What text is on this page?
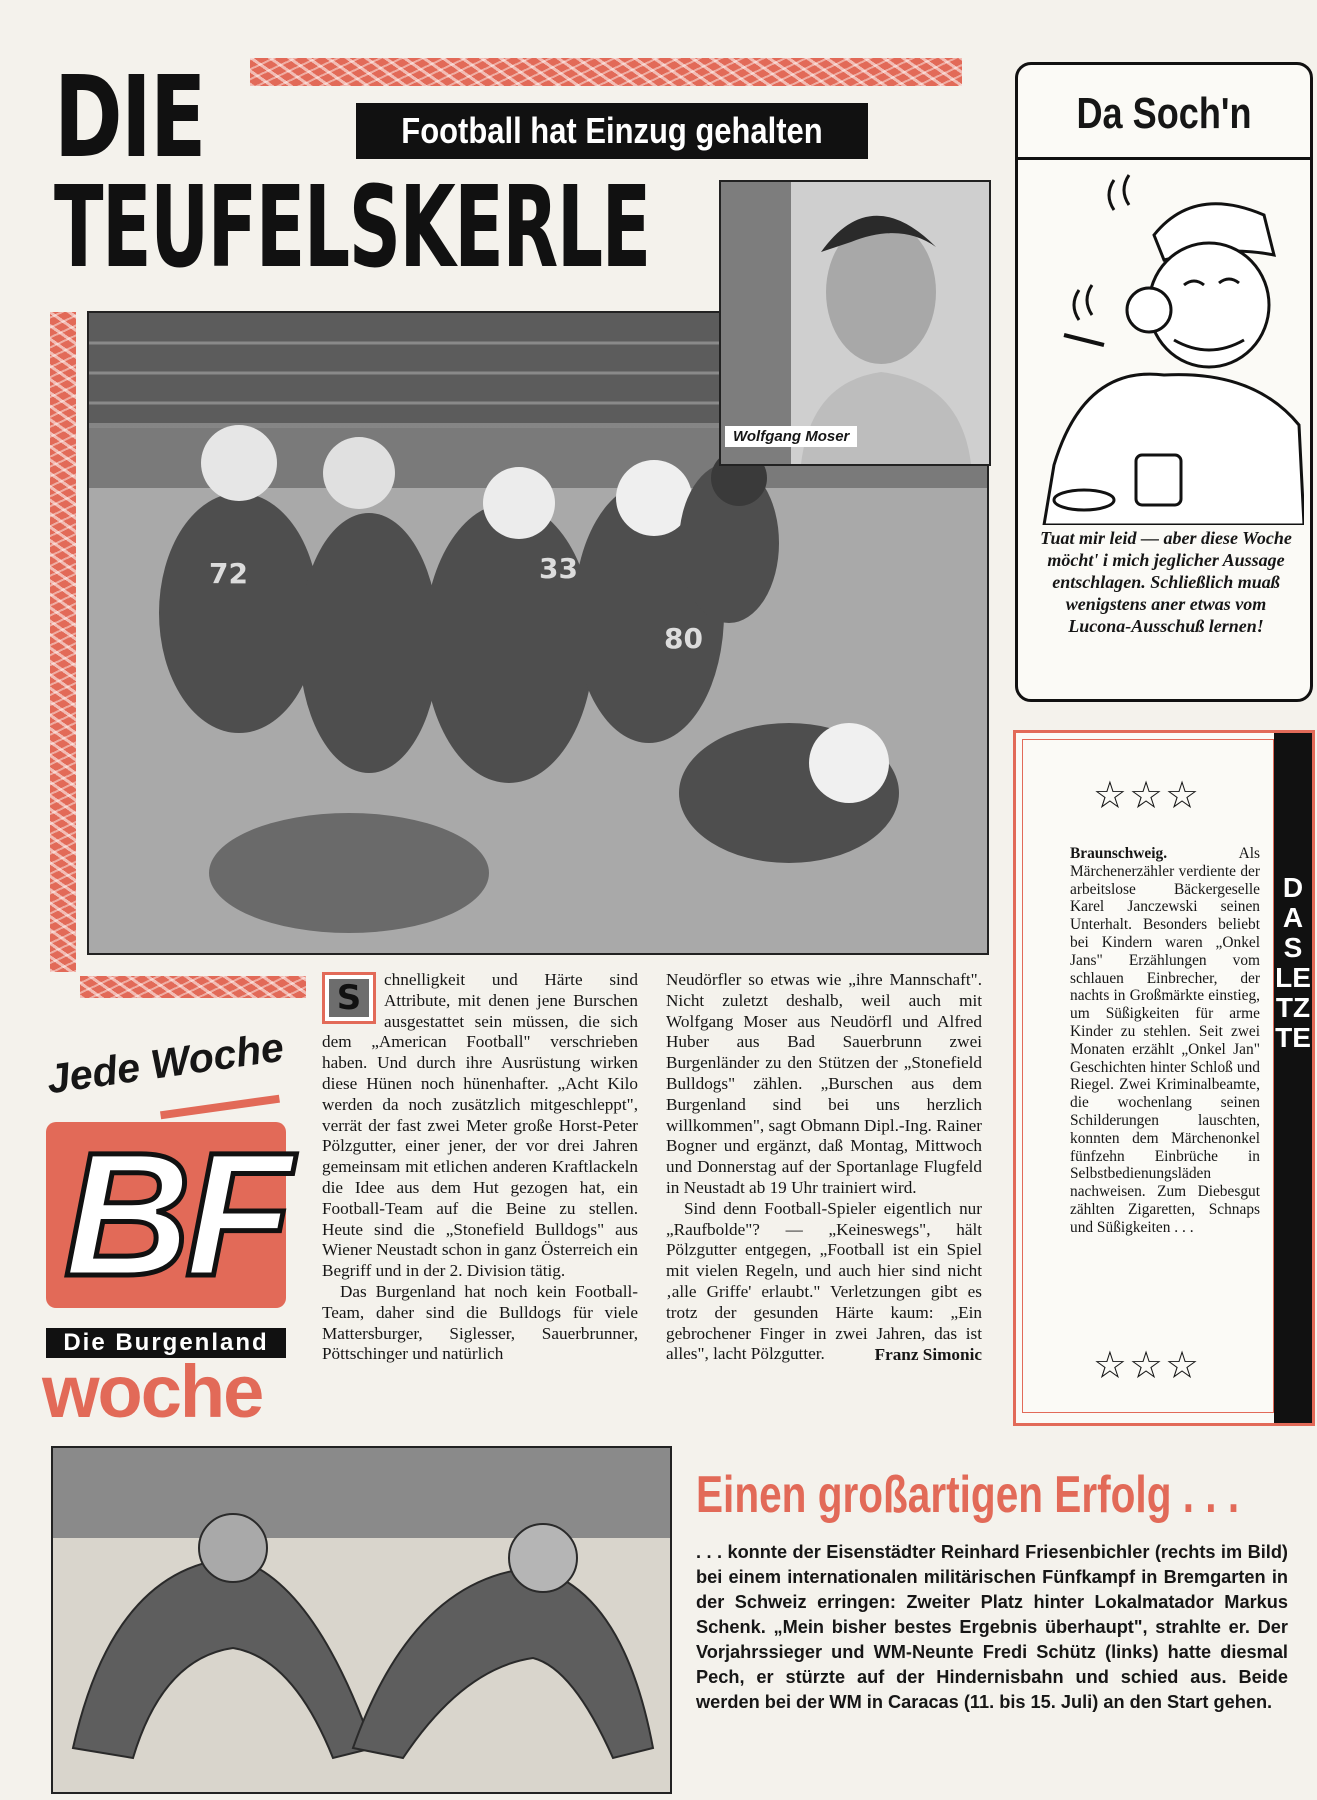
DIE
TEUFELSKERLE
Football hat Einzug gehalten
33
72
80
Wolfgang Moser
Jede Woche
BF
Die Burgenland
woche
S	chnelligkeit und Härte sind Attribute, mit denen jene Burschen ausgestattet sein müssen, die sich dem „American Football" verschrieben haben. Und durch ihre Ausrüstung wirken diese Hünen noch hünenhafter. „Acht Kilo werden da noch zusätzlich mitgeschleppt", verrät der fast zwei Meter große Horst-Peter Pölzgutter, einer jener, der vor drei Jahren gemeinsam mit etlichen anderen Kraftlackeln die Idee aus dem Hut gezogen hat, ein Football-Team auf die Beine zu stellen. Heute sind die „Stonefield Bulldogs" aus Wiener Neustadt schon in ganz Österreich ein Begriff und in der 2. Division tätig.

Das Burgenland hat noch kein Football-Team, daher sind die Bulldogs für viele Mattersburger, Siglesser, Sauerbrunner, Pöttschinger und natürlich

Neudörfler so etwas wie „ihre Mannschaft". Nicht zuletzt deshalb, weil auch mit Wolfgang Moser aus Neudörfl und Alfred Huber aus Bad Sauerbrunn zwei Burgenländer zu den Stützen der „Stonefield Bulldogs" zählen. „Burschen aus dem Burgenland sind bei uns herzlich willkommen", sagt Obmann Dipl.-Ing. Rainer Bogner und ergänzt, daß Montag, Mittwoch und Donnerstag auf der Sportanlage Flugfeld in Neustadt ab 19 Uhr trainiert wird.

Sind denn Football-Spieler eigentlich nur „Raufbolde"? — „Keineswegs", hält Pölzgutter entgegen, „Football ist ein Spiel mit vielen Regeln, und auch hier sind nicht ‚alle Griffe' erlaubt." Verletzungen gibt es trotz der gesunden Härte kaum: „Ein gebrochener Finger in zwei Jahren, das ist alles", lacht Pölzgutter.	Franz Simonic
Da Soch'n
Tuat mir leid — aber diese Woche möcht' i mich jeglicher Aussage entschlagen. Schließlich muaß wenigstens aner etwas vom Lucona-Ausschuß lernen!
☆☆☆
Braunschweig.	Als Märchenerzähler verdiente der arbeitslose Bäckergeselle Karel Janczewski seinen Unterhalt. Besonders beliebt bei Kindern waren „Onkel Jans" Erzählungen vom schlauen Einbrecher, der nachts in Großmärkte einstieg, um Süßigkeiten für arme Kinder zu stehlen. Seit zwei Monaten erzählt „Onkel Jan" Geschichten hinter Schloß und Riegel. Zwei Kriminalbeamte, die wochenlang seinen Schilderungen lauschten, konnten dem Märchenonkel fünfzehn Einbrüche in Selbstbedienungsläden nachweisen. Zum Diebesgut zählten Zigaretten, Schnaps und Süßigkeiten . . .
☆☆☆
DAS LETZTE
Einen großartigen Erfolg . . .
. . . konnte der Eisenstädter Reinhard Friesenbichler (rechts im Bild) bei einem internationalen militärischen Fünfkampf in Bremgarten in der Schweiz erringen: Zweiter Platz hinter Lokalmatador Markus Schenk. „Mein bisher bestes Ergebnis überhaupt", strahlte er. Der Vorjahrssieger und WM-Neunte Fredi Schütz (links) hatte diesmal Pech, er stürzte auf der Hindernisbahn und schied aus. Beide werden bei der WM in Caracas (11. bis 15. Juli) an den Start gehen.
